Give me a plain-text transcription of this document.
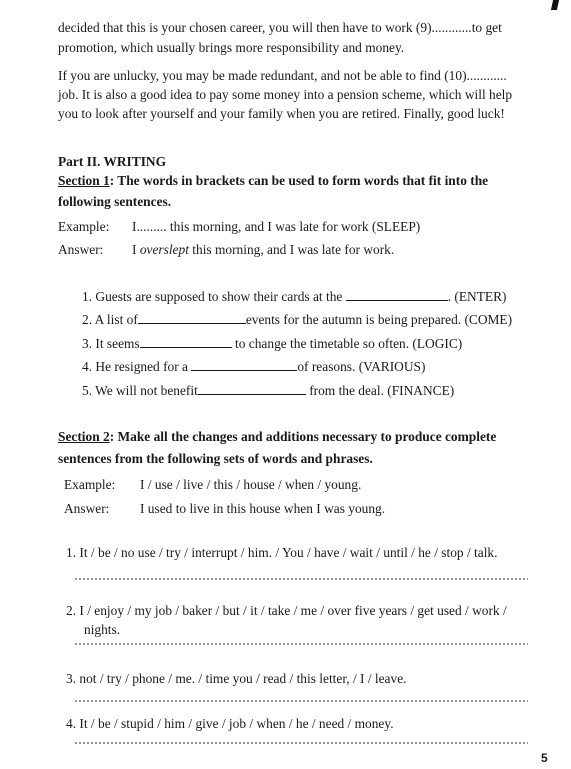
decided that this is your chosen career, you will then have to work (9)............to get
promotion, which usually brings more responsibility and money.
If you are unlucky, you may be made redundant, and not be able to find (10)............
job. It is also a good idea to pay some money into a pension scheme, which will help
you to look after yourself and your family when you are retired. Finally, good luck!
Part II. WRITING
Section 1: The words in brackets can be used to form words that fit into the
following sentences.
Example: I......... this morning, and I was late for work (SLEEP)
Answer: I overslept this morning, and I was late for work.
1. Guests are supposed to show their cards at the	. (ENTER)
2. A list of	events for the autumn is being prepared. (COME)
3. It seems	to change the timetable so often. (LOGIC)
4. He resigned for a	of reasons. (VARIOUS)
5. We will not benefit	from the deal. (FINANCE)
Section 2: Make all the changes and additions necessary to produce complete
sentences from the following sets of words and phrases.
Example: I / use / live / this / house / when / young.
Answer: I used to live in this house when I was young.
1. It / be / no use / try / interrupt / him. / You / have / wait / until / he / stop / talk.
2. I / enjoy / my job / baker / but / it / take / me / over five years / get used / work /
nights.
3. not / try / phone / me. / time you / read / this letter, / I / leave.
4. It / be / stupid / him / give / job / when / he / need / money.
5
